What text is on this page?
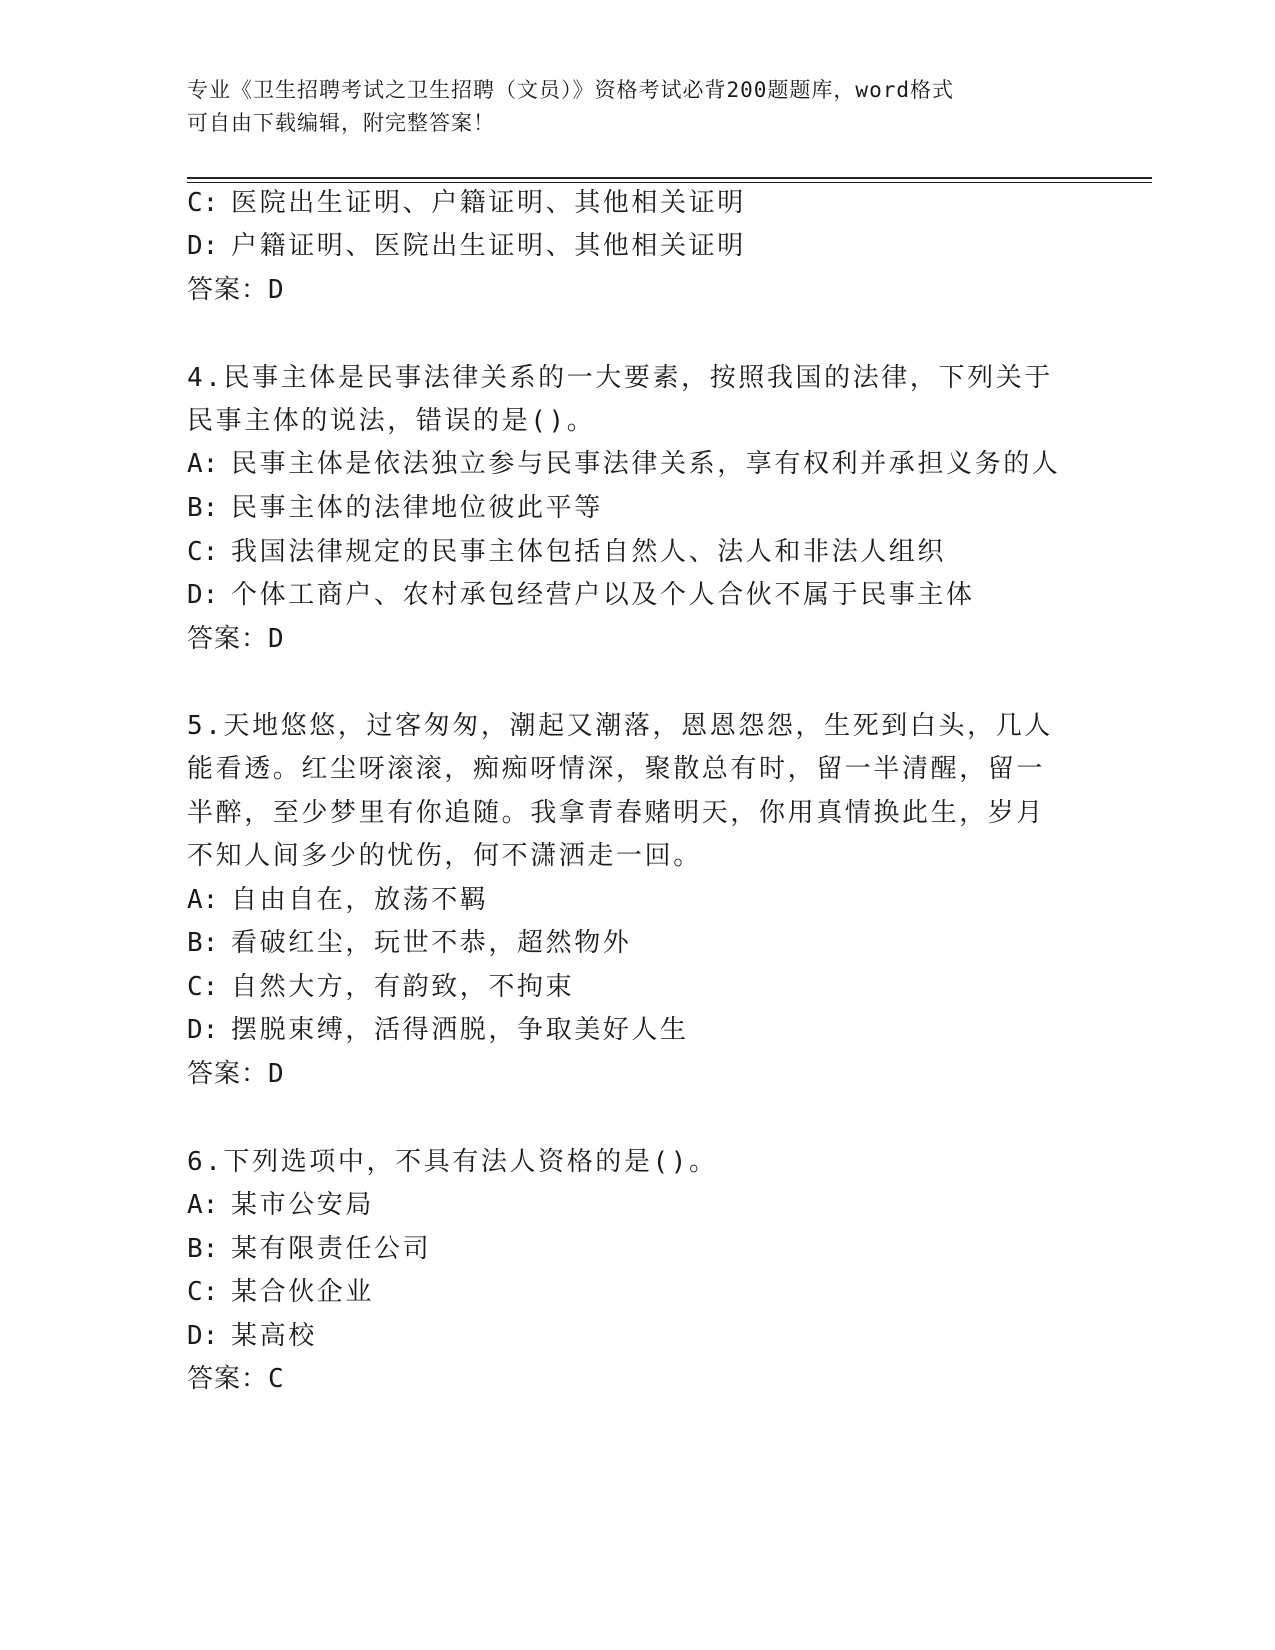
专业《卫生招聘考试之卫生招聘（文员）》资格考试必背200题题库，word格式
可自由下载编辑，附完整答案！
C: 医院出生证明、户籍证明、其他相关证明
D: 户籍证明、医院出生证明、其他相关证明
答案：D
4.民事主体是民事法律关系的一大要素，按照我国的法律，下列关于
民事主体的说法，错误的是()。
A: 民事主体是依法独立参与民事法律关系，享有权利并承担义务的人
B: 民事主体的法律地位彼此平等
C: 我国法律规定的民事主体包括自然人、法人和非法人组织
D: 个体工商户、农村承包经营户以及个人合伙不属于民事主体
答案：D
5.天地悠悠，过客匆匆，潮起又潮落，恩恩怨怨，生死到白头，几人
能看透。红尘呀滚滚，痴痴呀情深，聚散总有时，留一半清醒，留一
半醉，至少梦里有你追随。我拿青春赌明天，你用真情换此生，岁月
不知人间多少的忧伤，何不潇洒走一回。
A: 自由自在，放荡不羁
B: 看破红尘，玩世不恭，超然物外
C: 自然大方，有韵致，不拘束
D: 摆脱束缚，活得洒脱，争取美好人生
答案：D
6.下列选项中，不具有法人资格的是()。
A: 某市公安局
B: 某有限责任公司
C: 某合伙企业
D: 某高校
答案：C
